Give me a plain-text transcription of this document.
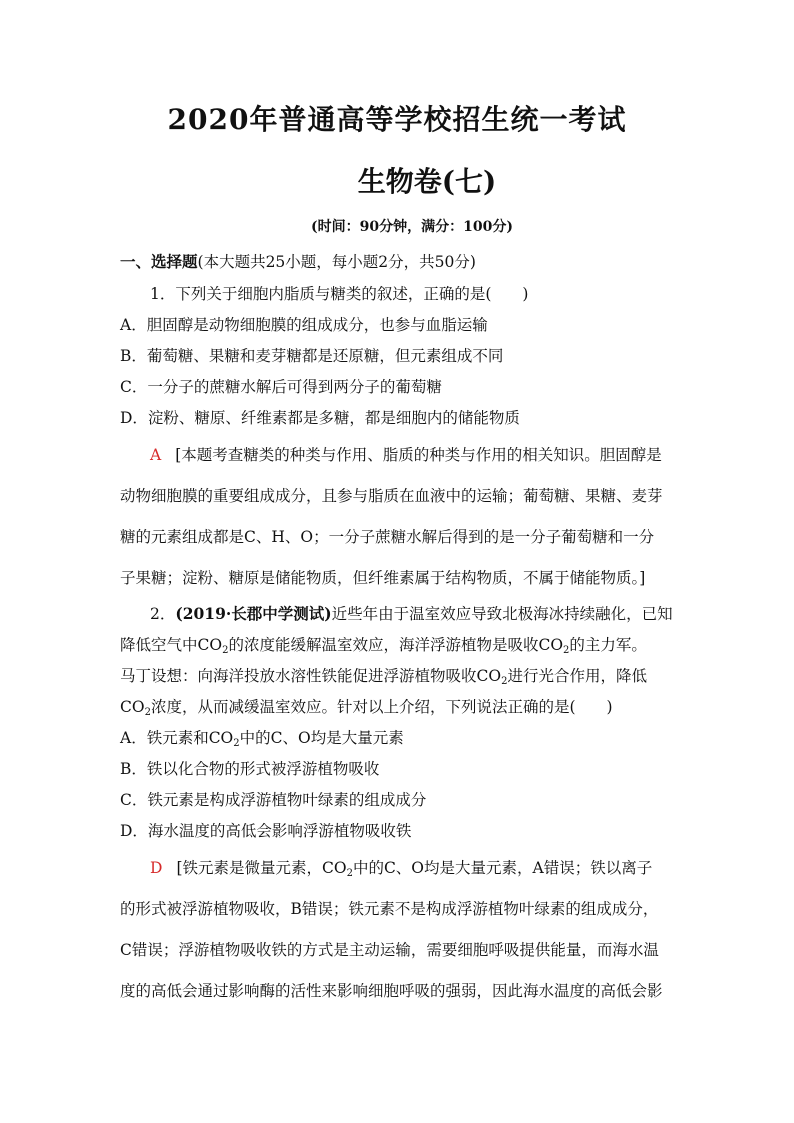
2020年普通高等学校招生统一考试
生物卷(七)
(时间：90分钟，满分：100分)
一、选择题(本大题共25小题，每小题2分，共50分)
1．下列关于细胞内脂质与糖类的叙述，正确的是(　　)
A．胆固醇是动物细胞膜的组成成分，也参与血脂运输
B．葡萄糖、果糖和麦芽糖都是还原糖，但元素组成不同
C．一分子的蔗糖水解后可得到两分子的葡萄糖
D．淀粉、糖原、纤维素都是多糖，都是细胞内的储能物质
A [本题考查糖类的种类与作用、脂质的种类与作用的相关知识。胆固醇是
动物细胞膜的重要组成成分，且参与脂质在血液中的运输；葡萄糖、果糖、麦芽
糖的元素组成都是C、H、O；一分子蔗糖水解后得到的是一分子葡萄糖和一分
子果糖；淀粉、糖原是储能物质，但纤维素属于结构物质，不属于储能物质。]
2．(2019·长郡中学测试)近些年由于温室效应导致北极海冰持续融化，已知
降低空气中$CO_2$的浓度能缓解温室效应，海洋浮游植物是吸收$CO_2$的主力军。
马丁设想：向海洋投放水溶性铁能促进浮游植物吸收$CO_2$进行光合作用，降低
$CO_2$浓度，从而减缓温室效应。针对以上介绍，下列说法正确的是(　　)
A．铁元素和$CO_2$中的C、O均是大量元素
B．铁以化合物的形式被浮游植物吸收
C．铁元素是构成浮游植物叶绿素的组成成分
D．海水温度的高低会影响浮游植物吸收铁
D [铁元素是微量元素，$CO_2$中的C、O均是大量元素，A错误；铁以离子
的形式被浮游植物吸收，B错误；铁元素不是构成浮游植物叶绿素的组成成分，
C错误；浮游植物吸收铁的方式是主动运输，需要细胞呼吸提供能量，而海水温
度的高低会通过影响酶的活性来影响细胞呼吸的强弱，因此海水温度的高低会影
